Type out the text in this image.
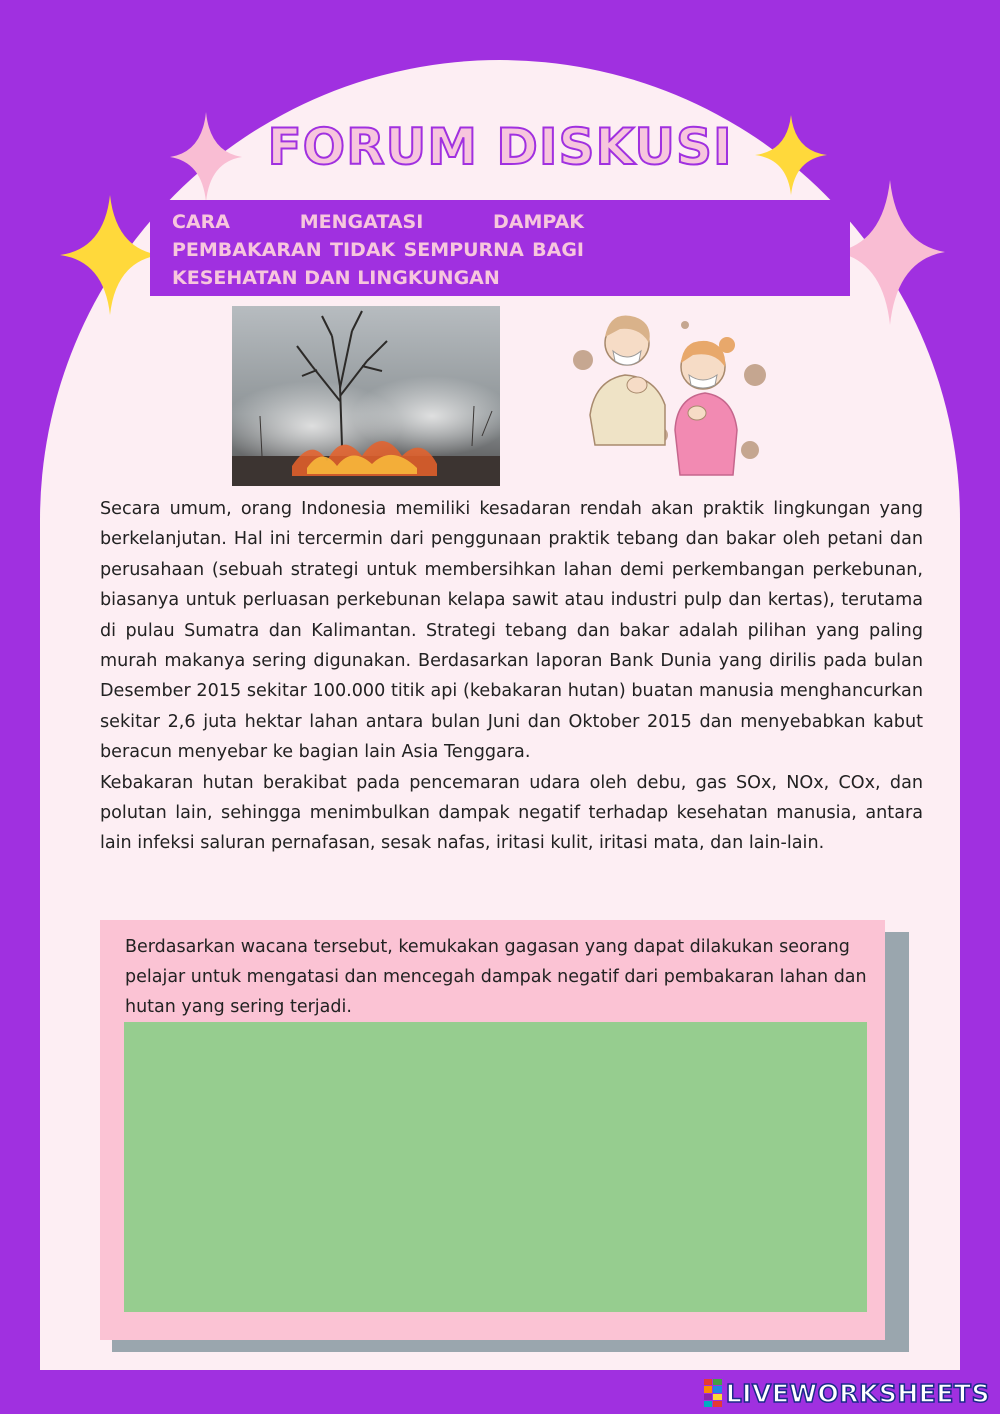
FORUM DISKUSI

CARA MENGATASI DAMPAK PEMBAKARAN TIDAK SEMPURNA BAGI KESEHATAN DAN LINGKUNGAN

Secara umum, orang Indonesia memiliki kesadaran rendah akan praktik lingkungan yang berkelanjutan. Hal ini tercermin dari penggunaan praktik tebang dan bakar oleh petani dan perusahaan (sebuah strategi untuk membersihkan lahan demi perkembangan perkebunan, biasanya untuk perluasan perkebunan kelapa sawit atau industri pulp dan kertas), terutama di pulau Sumatra dan Kalimantan. Strategi tebang dan bakar adalah pilihan yang paling murah makanya sering digunakan. Berdasarkan laporan Bank Dunia yang dirilis pada bulan Desember 2015 sekitar 100.000 titik api (kebakaran hutan) buatan manusia menghancurkan sekitar 2,6 juta hektar lahan antara bulan Juni dan Oktober 2015 dan menyebabkan kabut beracun menyebar ke bagian lain Asia Tenggara.

Kebakaran hutan berakibat pada pencemaran udara oleh debu, gas SOx, NOx, COx, dan polutan lain, sehingga menimbulkan dampak negatif terhadap kesehatan manusia, antara lain infeksi saluran pernafasan, sesak nafas, iritasi kulit, iritasi mata, dan lain-lain.

Berdasarkan wacana tersebut, kemukakan gagasan yang dapat dilakukan seorang pelajar untuk mengatasi dan mencegah dampak negatif dari pembakaran lahan dan hutan yang sering terjadi.

LIVEWORKSHEETS
